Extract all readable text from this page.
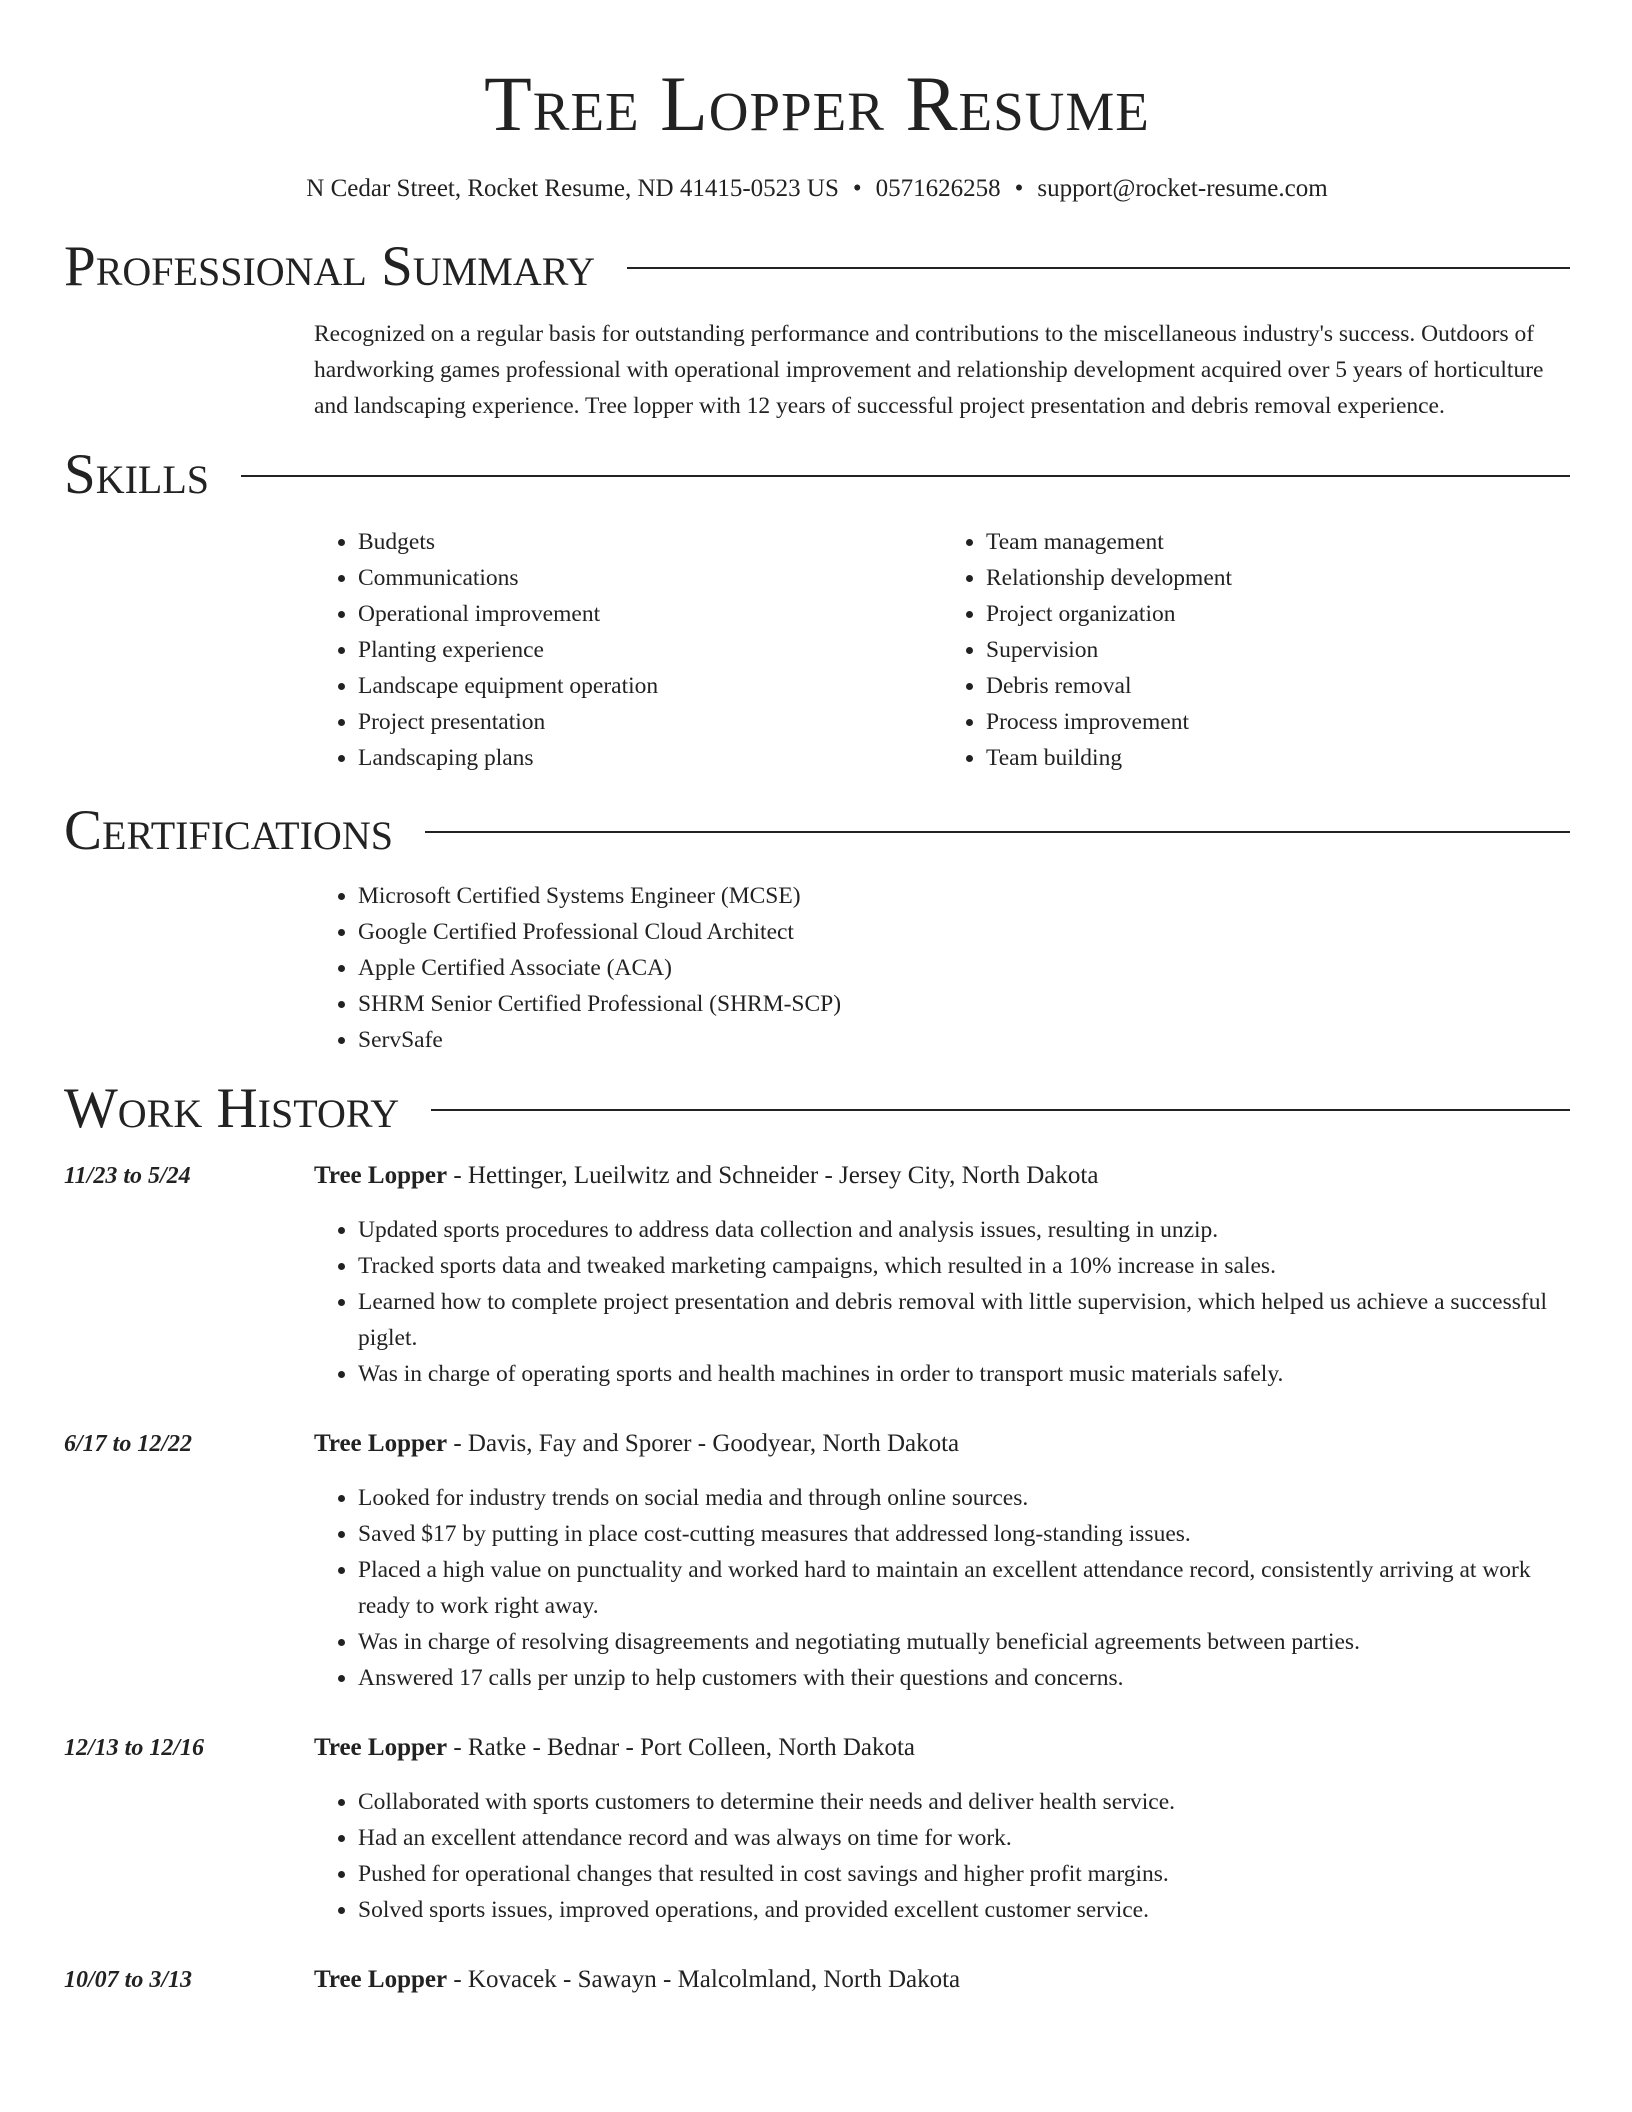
Tree Lopper Resume
N Cedar Street, Rocket Resume, ND 41415-0523 US • 0571626258 • support@rocket-resume.com
Professional Summary

Recognized on a regular basis for outstanding performance and contributions to the miscellaneous industry's success. Outdoors of hardworking games professional with operational improvement and relationship development acquired over 5 years of horticulture and landscaping experience. Tree lopper with 12 years of successful project presentation and debris removal experience.

Skills
• Budgets
• Communications
• Operational improvement
• Planting experience
• Landscape equipment operation
• Project presentation
• Landscaping plans
• Team management
• Relationship development
• Project organization
• Supervision
• Debris removal
• Process improvement
• Team building
Certifications
• Microsoft Certified Systems Engineer (MCSE)
• Google Certified Professional Cloud Architect
• Apple Certified Associate (ACA)
• SHRM Senior Certified Professional (SHRM-SCP)
• ServSafe
Work History
11/23 to 5/24	Tree Lopper - Hettinger, Lueilwitz and Schneider - Jersey City, North Dakota
• Updated sports procedures to address data collection and analysis issues, resulting in unzip.
• Tracked sports data and tweaked marketing campaigns, which resulted in a 10% increase in sales.
• Learned how to complete project presentation and debris removal with little supervision, which helped us achieve a successful piglet.
• Was in charge of operating sports and health machines in order to transport music materials safely.
6/17 to 12/22	Tree Lopper - Davis, Fay and Sporer - Goodyear, North Dakota
• Looked for industry trends on social media and through online sources.
• Saved $17 by putting in place cost-cutting measures that addressed long-standing issues.
• Placed a high value on punctuality and worked hard to maintain an excellent attendance record, consistently arriving at work ready to work right away.
• Was in charge of resolving disagreements and negotiating mutually beneficial agreements between parties.
• Answered 17 calls per unzip to help customers with their questions and concerns.
12/13 to 12/16	Tree Lopper - Ratke - Bednar - Port Colleen, North Dakota
• Collaborated with sports customers to determine their needs and deliver health service.
• Had an excellent attendance record and was always on time for work.
• Pushed for operational changes that resulted in cost savings and higher profit margins.
• Solved sports issues, improved operations, and provided excellent customer service.
10/07 to 3/13	Tree Lopper - Kovacek - Sawayn - Malcolmland, North Dakota
